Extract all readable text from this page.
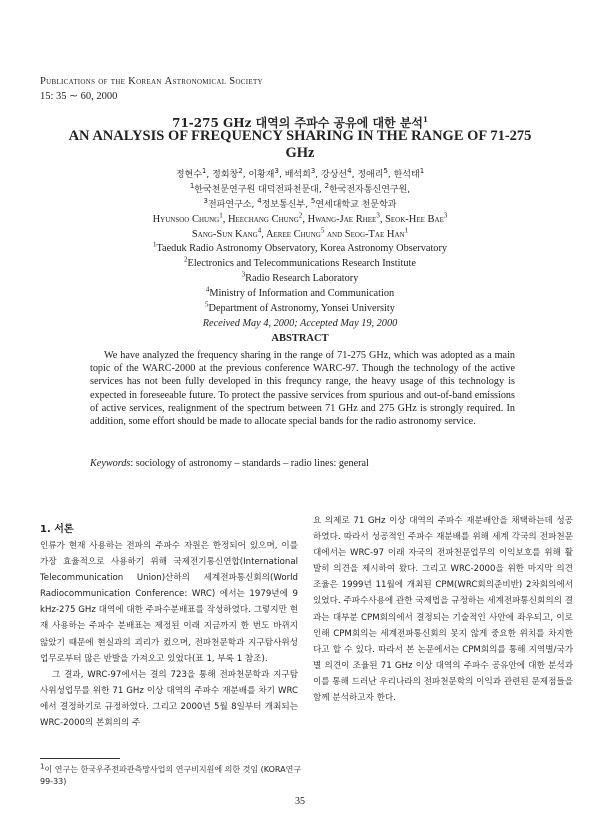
Publications of the Korean Astronomical Society
15: 35 ∼ 60, 2000
71-275 GHz 대역의 주파수 공유에 대한 분석$^1$
AN ANALYSIS OF FREQUENCY SHARING IN THE RANGE OF 71-275 GHz
정현수$^1$, 정회창$^2$, 이황재$^3$, 배석희$^3$, 강상선$^4$, 정애리$^5$, 한석태$^1$
$^1$한국천문연구원 대덕전파천문대, $^2$한국전자통신연구원,
$^3$전파연구소, $^4$정보통신부, $^5$연세대학교 천문학과
Hyunsoo Chung$^1$, Heechang Chung$^2$, Hwang-Jae Rhee$^3$, Seok-Hee Bae$^3$
Sang-Sun Kang$^4$, Aeree Chung$^5$ and Seog-Tae Han$^1$
$^1$Taeduk Radio Astronomy Observatory, Korea Astronomy Observatory
$^2$Electronics and Telecommunications Research Institute
$^3$Radio Research Laboratory
$^4$Ministry of Information and Communication
$^5$Department of Astronomy, Yonsei University
Received May 4, 2000; Accepted May 19, 2000
ABSTRACT
We have analyzed the frequency sharing in the range of 71-275 GHz, which was adopted as a main topic of the WARC-2000 at the previous conference WARC-97. Though the technology of the active services has not been fully developed in this frequncy range, the heavy usage of this technology is expected in foreseeable future. To protect the passive services from spurious and out-of-band emissions of active services, realignment of the spectrum between 71 GHz and 275 GHz is strongly required. In addition, some effort should be made to allocate special bands for the radio astronomy service.
Keywords: sociology of astronomy – standards – radio lines: general
1. 서론

인류가 현재 사용하는 전파의 주파수 자원은 한정되어 있으며, 이를 가장 효율적으로 사용하기 위해 국제전기통신연합(International Telecommunication Union)산하의 세계전파통신회의(World Radiocommunication Conference: WRC) 에서는 1979년에 9 kHz-275 GHz 대역에 대한 주파수분배표를 작성하였다. 그렇지만 현재 사용하는 주파수 분배표는 제정된 이래 지금까지 한 번도 바뀌지 않았기 때문에 현실과의 괴리가 컸으며, 전파천문학과 지구탐사위성업무로부터 많은 반발을 가져오고 있었다(표 1, 부록 1 참조).

그 결과, WRC-97에서는 결의 723을 통해 전파천문학과 지구탐사위성업무를 위한 71 GHz 이상 대역의 주파수 재분배를 차기 WRC에서 결정하기로 규정하였다. 그리고 2000년 5월 8일부터 개최되는 WRC-2000의 본회의의 주

요 의제로 71 GHz 이상 대역의 주파수 재분배안을 채택하는데 성공하였다. 따라서 성공적인 주파수 재분배를 위해 세계 각국의 전파천문대에서는 WRC-97 이래 자국의 전파천문업무의 이익보호를 위해 활발히 의견을 제시하여 왔다. 그리고 WRC-2000을 위한 마지막 의견조율은 1999년 11월에 개최된 CPM(WRC회의준비반) 2차회의에서 있었다. 주파수사용에 관한 국제법을 규정하는 세계전파통신회의의 결과는 대부분 CPM회의에서 결정되는 기술적인 사안에 좌우되고, 이로 인해 CPM회의는 세계전파통신회의 못지 않게 중요한 위치를 차지한다고 할 수 있다. 따라서 본 논문에서는 CPM회의를 통해 지역별/국가별 의견이 조율된 71 GHz 이상 대역의 주파수 공유안에 대한 분석과 이를 통해 드러난 우리나라의 전파천문학의 이익과 관련된 문제점들을 함께 분석하고자 한다.

$^1$이 연구는 한국우주전파관측망사업의 연구비지원에 의한 것임 (KORA연구 99-33)
35
